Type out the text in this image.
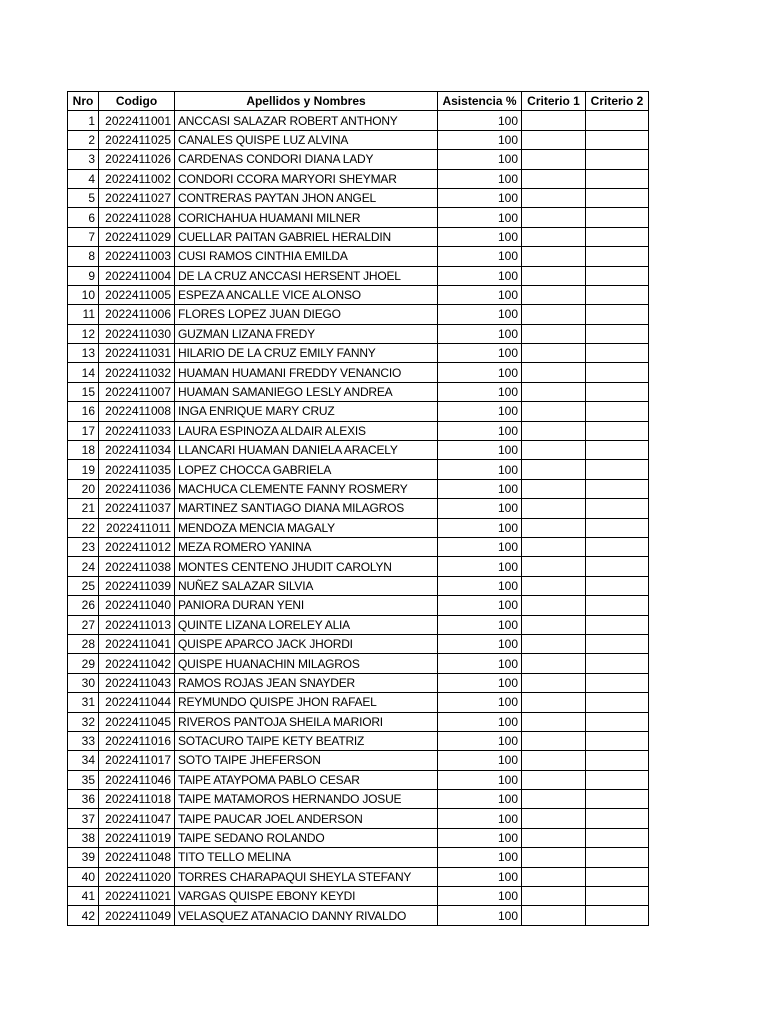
Nro	Codigo	Apellidos y Nombres	Asistencia %	Criterio 1	Criterio 2
1	2022411001	ANCCASI SALAZAR ROBERT ANTHONY	100		
2	2022411025	CANALES QUISPE LUZ ALVINA	100		
3	2022411026	CARDENAS CONDORI DIANA LADY	100		
4	2022411002	CONDORI CCORA MARYORI SHEYMAR	100		
5	2022411027	CONTRERAS PAYTAN JHON ANGEL	100		
6	2022411028	CORICHAHUA HUAMANI MILNER	100		
7	2022411029	CUELLAR PAITAN GABRIEL HERALDIN	100		
8	2022411003	CUSI RAMOS CINTHIA EMILDA	100		
9	2022411004	DE LA CRUZ ANCCASI HERSENT JHOEL	100		
10	2022411005	ESPEZA ANCALLE VICE ALONSO	100		
11	2022411006	FLORES LOPEZ JUAN DIEGO	100		
12	2022411030	GUZMAN LIZANA FREDY	100		
13	2022411031	HILARIO DE LA CRUZ EMILY FANNY	100		
14	2022411032	HUAMAN HUAMANI FREDDY VENANCIO	100		
15	2022411007	HUAMAN SAMANIEGO LESLY ANDREA	100		
16	2022411008	INGA ENRIQUE MARY CRUZ	100		
17	2022411033	LAURA ESPINOZA ALDAIR ALEXIS	100		
18	2022411034	LLANCARI HUAMAN DANIELA ARACELY	100		
19	2022411035	LOPEZ CHOCCA GABRIELA	100		
20	2022411036	MACHUCA CLEMENTE FANNY ROSMERY	100		
21	2022411037	MARTINEZ SANTIAGO DIANA MILAGROS	100		
22	2022411011	MENDOZA MENCIA MAGALY	100		
23	2022411012	MEZA ROMERO YANINA	100		
24	2022411038	MONTES CENTENO JHUDIT CAROLYN	100		
25	2022411039	NUÑEZ SALAZAR SILVIA	100		
26	2022411040	PANIORA DURAN YENI	100		
27	2022411013	QUINTE LIZANA LORELEY ALIA	100		
28	2022411041	QUISPE APARCO JACK JHORDI	100		
29	2022411042	QUISPE HUANACHIN MILAGROS	100		
30	2022411043	RAMOS ROJAS JEAN SNAYDER	100		
31	2022411044	REYMUNDO QUISPE JHON RAFAEL	100		
32	2022411045	RIVEROS PANTOJA SHEILA MARIORI	100		
33	2022411016	SOTACURO TAIPE KETY BEATRIZ	100		
34	2022411017	SOTO TAIPE JHEFERSON	100		
35	2022411046	TAIPE ATAYPOMA PABLO CESAR	100		
36	2022411018	TAIPE MATAMOROS HERNANDO JOSUE	100		
37	2022411047	TAIPE PAUCAR JOEL ANDERSON	100		
38	2022411019	TAIPE SEDANO ROLANDO	100		
39	2022411048	TITO TELLO MELINA	100		
40	2022411020	TORRES CHARAPAQUI SHEYLA STEFANY	100		
41	2022411021	VARGAS QUISPE EBONY KEYDI	100		
42	2022411049	VELASQUEZ ATANACIO DANNY RIVALDO	100		
